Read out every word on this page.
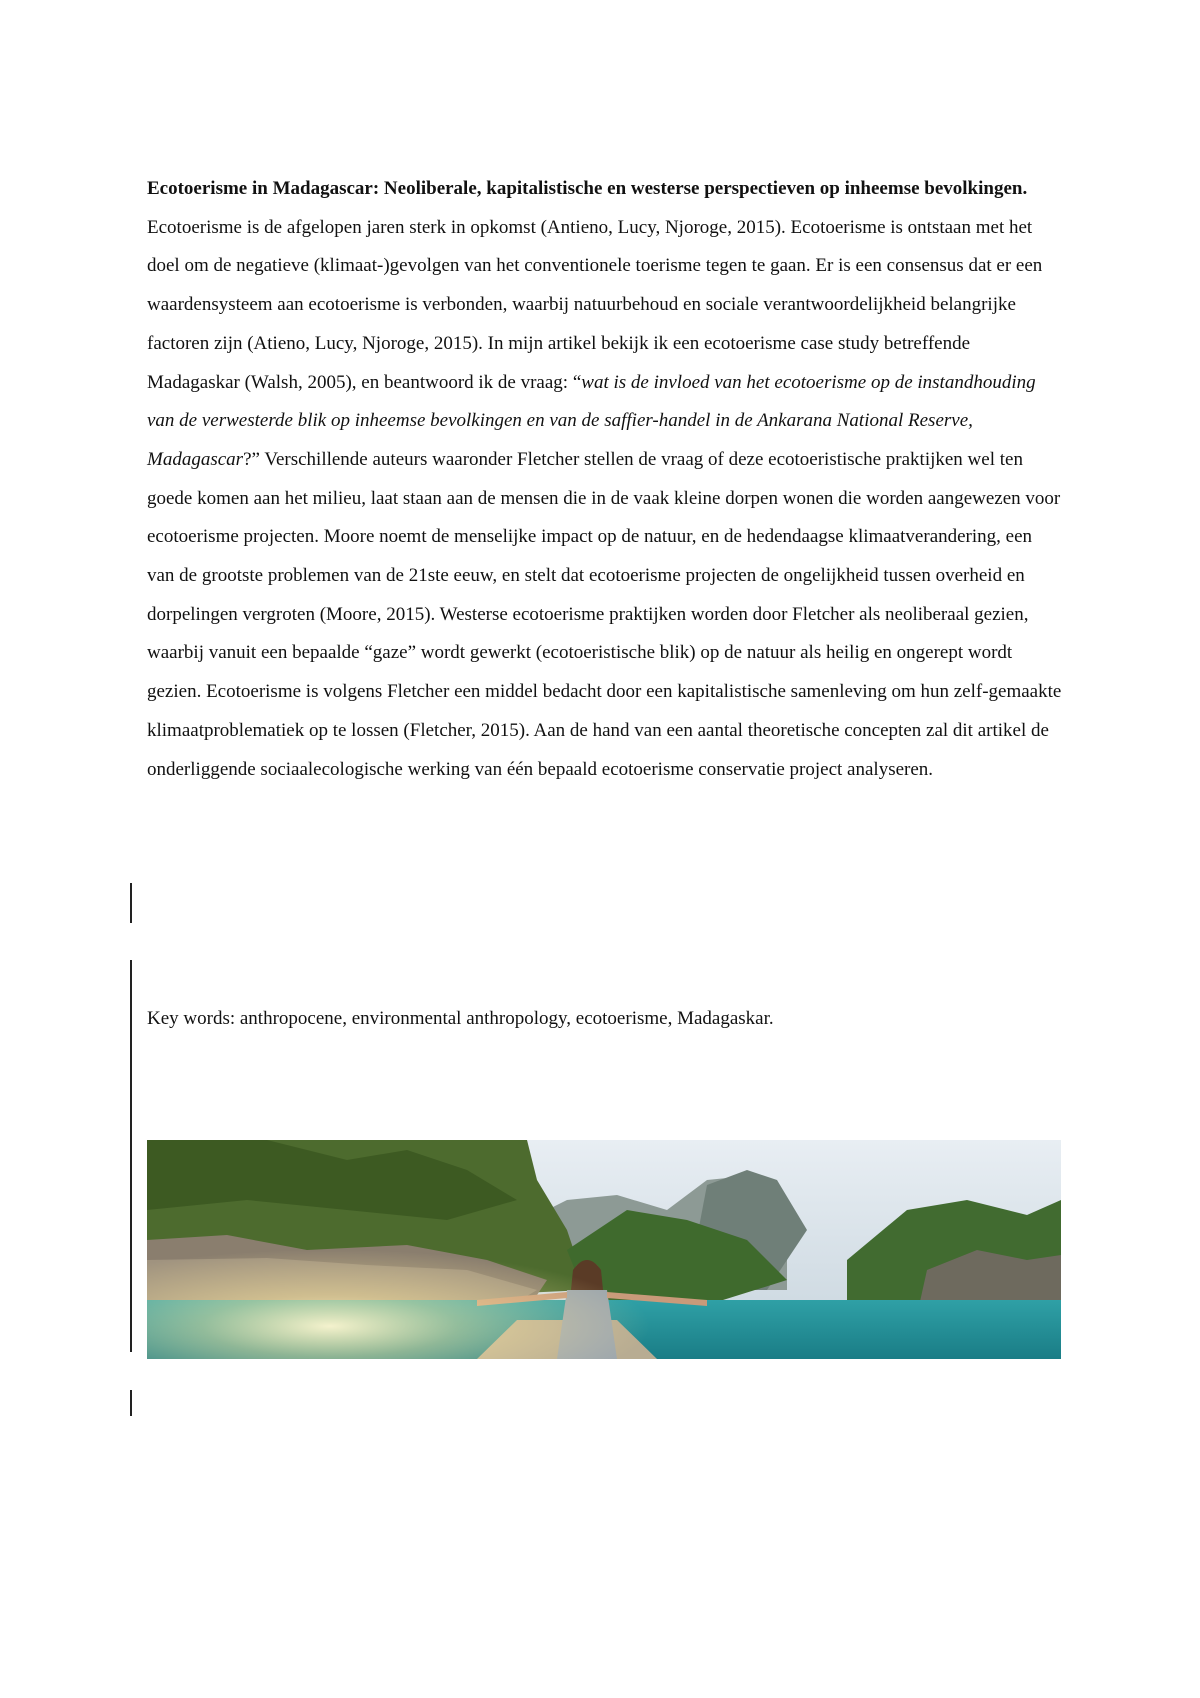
Ecotoerisme in Madagascar: Neoliberale, kapitalistische en westerse perspectieven op inheemse bevolkingen.

Ecotoerisme is de afgelopen jaren sterk in opkomst (Antieno, Lucy, Njoroge, 2015). Ecotoerisme is ontstaan met het doel om de negatieve (klimaat-)gevolgen van het conventionele toerisme tegen te gaan. Er is een consensus dat er een waardensysteem aan ecotoerisme is verbonden, waarbij natuurbehoud en sociale verantwoordelijkheid belangrijke factoren zijn (Atieno, Lucy, Njoroge, 2015). In mijn artikel bekijk ik een ecotoerisme case study betreffende Madagaskar (Walsh, 2005), en beantwoord ik de vraag: “wat is de invloed van het ecotoerisme op de instandhouding van de verwesterde blik op inheemse bevolkingen en van de saffier-handel in de Ankarana National Reserve, Madagascar?” Verschillende auteurs waaronder Fletcher stellen de vraag of deze ecotoeristische praktijken wel ten goede komen aan het milieu, laat staan aan de mensen die in de vaak kleine dorpen wonen die worden aangewezen voor ecotoerisme projecten. Moore noemt de menselijke impact op de natuur, en de hedendaagse klimaatverandering, een van de grootste problemen van de 21ste eeuw, en stelt dat ecotoerisme projecten de ongelijkheid tussen overheid en dorpelingen vergroten (Moore, 2015). Westerse ecotoerisme praktijken worden door Fletcher als neoliberaal gezien, waarbij vanuit een bepaalde “gaze” wordt gewerkt (ecotoeristische blik) op de natuur als heilig en ongerept wordt gezien. Ecotoerisme is volgens Fletcher een middel bedacht door een kapitalistische samenleving om hun zelf-gemaakte klimaatproblematiek op te lossen (Fletcher, 2015). Aan de hand van een aantal theoretische concepten zal dit artikel de onderliggende sociaalecologische werking van één bepaald ecotoerisme conservatie project analyseren.

Key words: anthropocene, environmental anthropology, ecotoerisme, Madagaskar.
